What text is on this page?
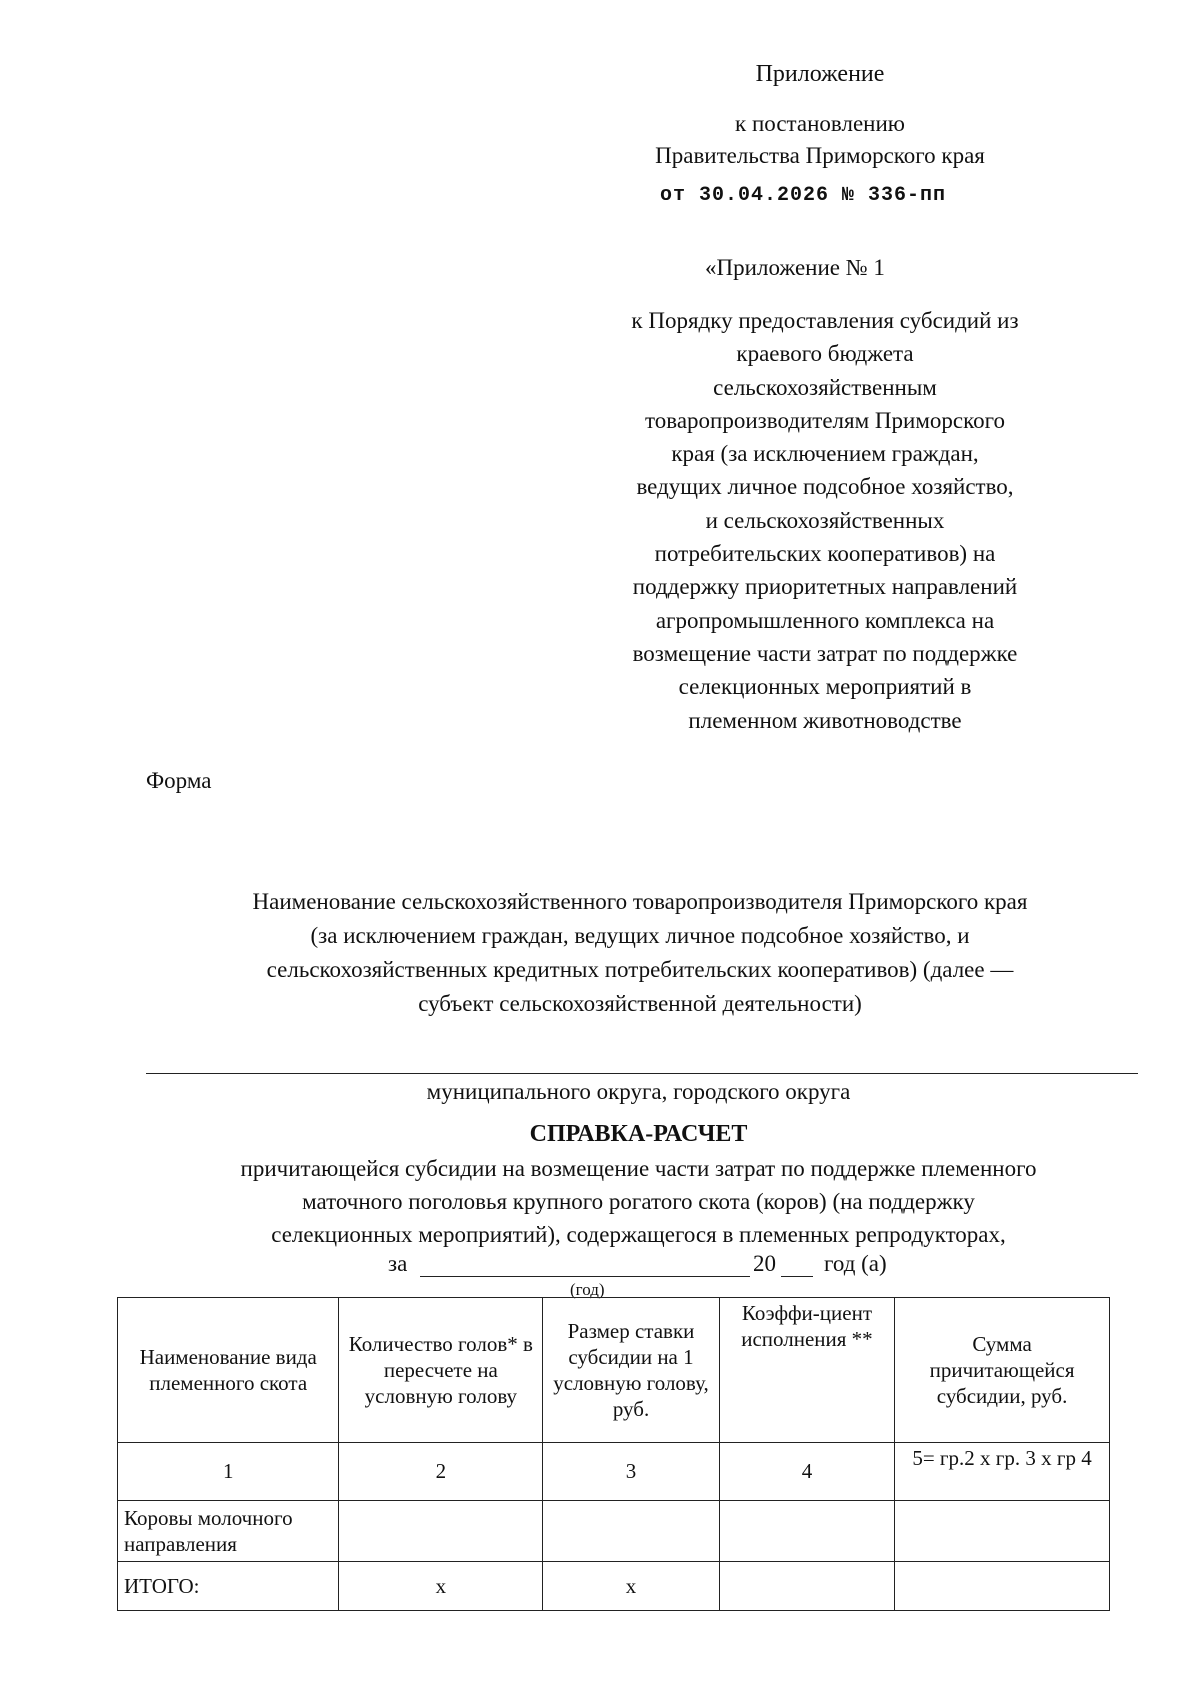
Приложение
к постановлению
Правительства Приморского края
от 30.04.2026 № 336-пп
«Приложение № 1
к Порядку предоставления субсидий из
краевого бюджета
сельскохозяйственным
товаропроизводителям Приморского
края (за исключением граждан,
ведущих личное подсобное хозяйство,
и сельскохозяйственных
потребительских кооперативов) на
поддержку приоритетных направлений
агропромышленного комплекса на
возмещение части затрат по поддержке
селекционных мероприятий в
племенном животноводстве
Форма
Наименование сельскохозяйственного товаропроизводителя Приморского края
(за исключением граждан, ведущих личное подсобное хозяйство, и
сельскохозяйственных кредитных потребительских кооперативов) (далее —
субъект сельскохозяйственной деятельности)
муниципального округа, городского округа
СПРАВКА-РАСЧЕТ
причитающейся субсидии на возмещение части затрат по поддержке племенного
маточного поголовья крупного рогатого скота (коров) (на поддержку
селекционных мероприятий), содержащегося в племенных репродукторах,
за	20 год (а)
(год)
Наименование вида племенного скота	Количество голов* в пересчете на условную голову	Размер ставки субсидии на 1 условную голову, руб.	Коэффи-циент исполнения **	Сумма причитающейся субсидии, руб.
1	2	3	4	5= гр.2 х гр. 3 х гр 4
Коровы молочного направления				
ИТОГО:	х	х		
